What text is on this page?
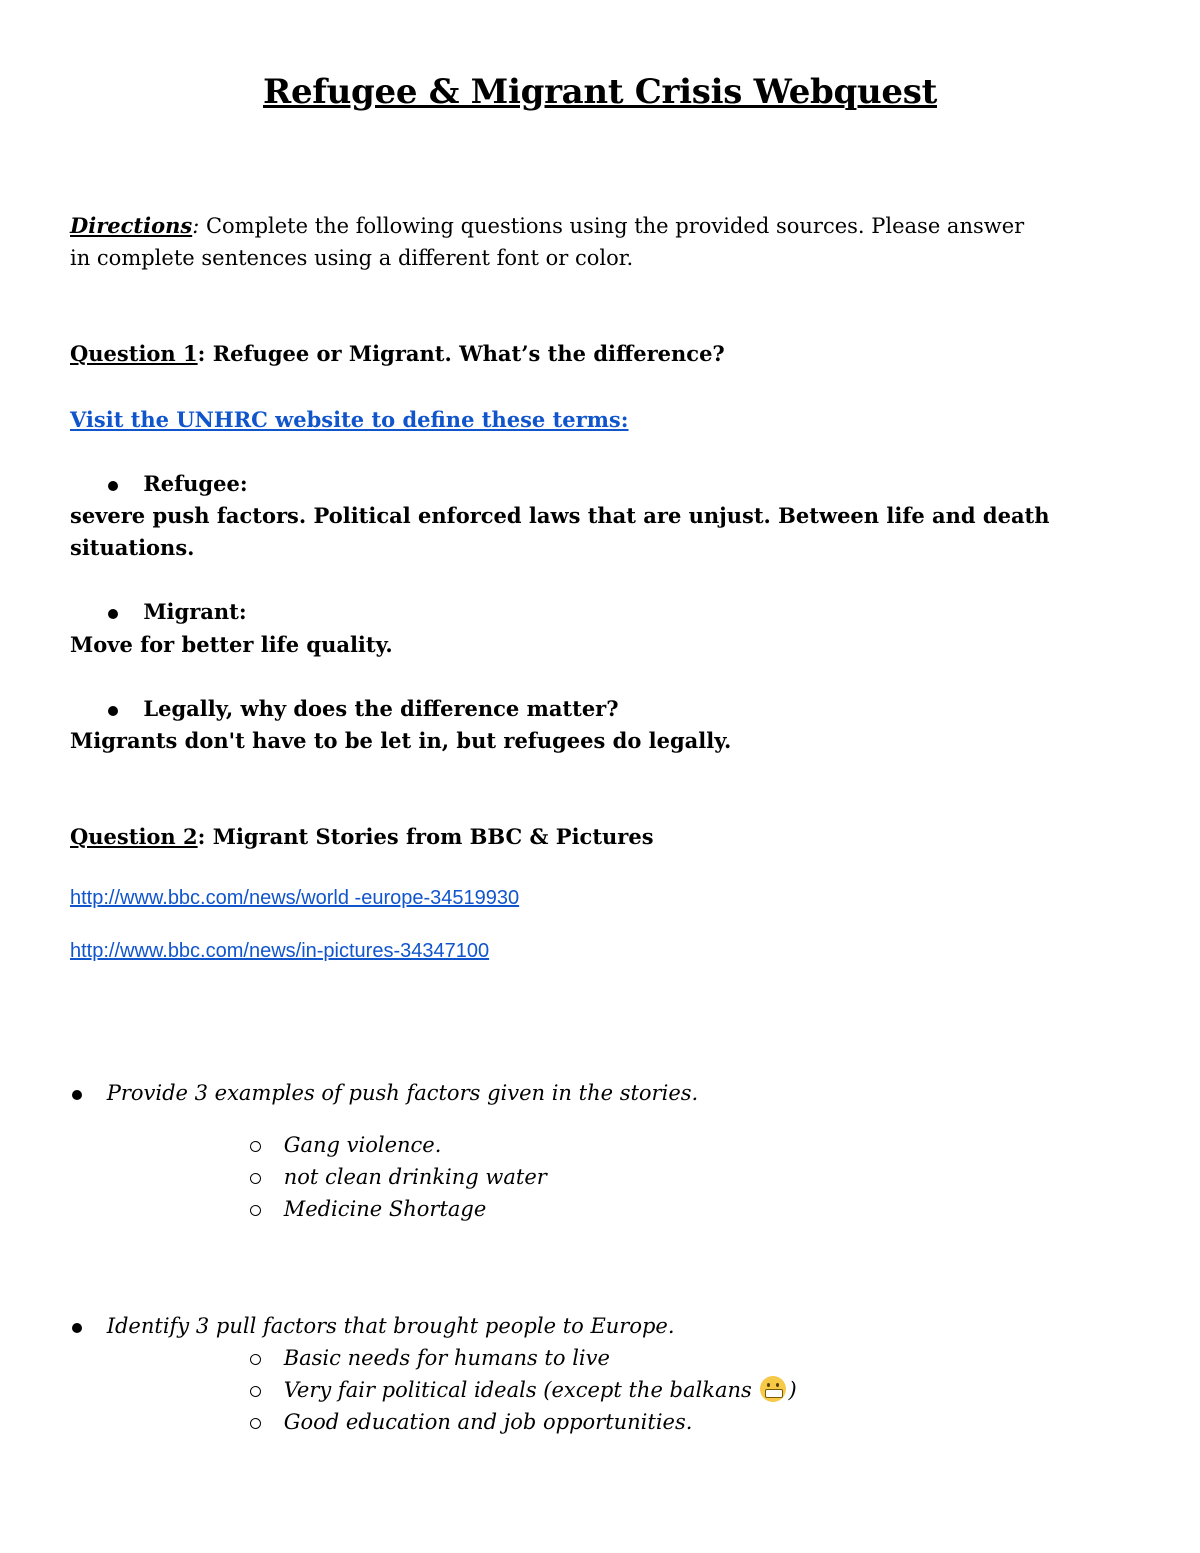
Refugee & Migrant Crisis Webquest
Directions: Complete the following questions using the provided sources. Please answer
in complete sentences using a different font or color.
Question 1: Refugee or Migrant. What’s the difference?
Visit the UNHRC website to define these terms:
Refugee:
severe push factors. Political enforced laws that are unjust. Between life and death
situations.
Migrant:
Move for better life quality.
Legally, why does the difference matter?
Migrants don't have to be let in, but refugees do legally.
Question 2: Migrant Stories from BBC & Pictures
http://www.bbc.com/news/world -europe-34519930
http://www.bbc.com/news/in-pictures-34347100
Provide 3 examples of push factors given in the stories.
Gang violence.
not clean drinking water
Medicine Shortage
Identify 3 pull factors that brought people to Europe.
Basic needs for humans to live
Very fair political ideals (except the balkans )
Good education and job opportunities.
